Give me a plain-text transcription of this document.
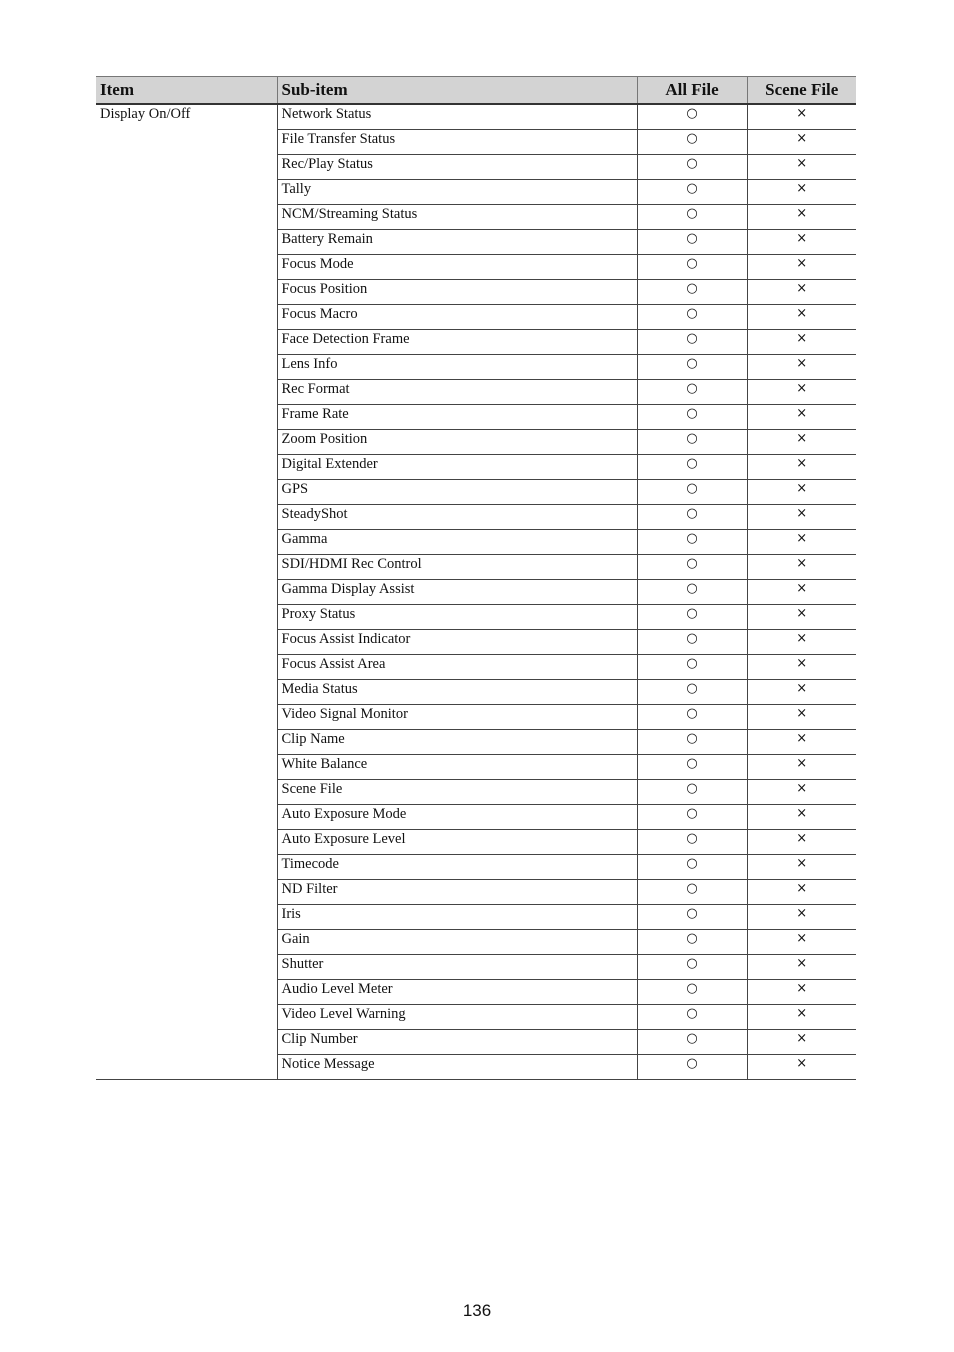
Item	Sub-item	All File	Scene File
Display On/Off	Network Status	○	×
	File Transfer Status	○	×
	Rec/Play Status	○	×
	Tally	○	×
	NCM/Streaming Status	○	×
	Battery Remain	○	×
	Focus Mode	○	×
	Focus Position	○	×
	Focus Macro	○	×
	Face Detection Frame	○	×
	Lens Info	○	×
	Rec Format	○	×
	Frame Rate	○	×
	Zoom Position	○	×
	Digital Extender	○	×
	GPS	○	×
	SteadyShot	○	×
	Gamma	○	×
	SDI/HDMI Rec Control	○	×
	Gamma Display Assist	○	×
	Proxy Status	○	×
	Focus Assist Indicator	○	×
	Focus Assist Area	○	×
	Media Status	○	×
	Video Signal Monitor	○	×
	Clip Name	○	×
	White Balance	○	×
	Scene File	○	×
	Auto Exposure Mode	○	×
	Auto Exposure Level	○	×
	Timecode	○	×
	ND Filter	○	×
	Iris	○	×
	Gain	○	×
	Shutter	○	×
	Audio Level Meter	○	×
	Video Level Warning	○	×
	Clip Number	○	×
	Notice Message	○	×
136
